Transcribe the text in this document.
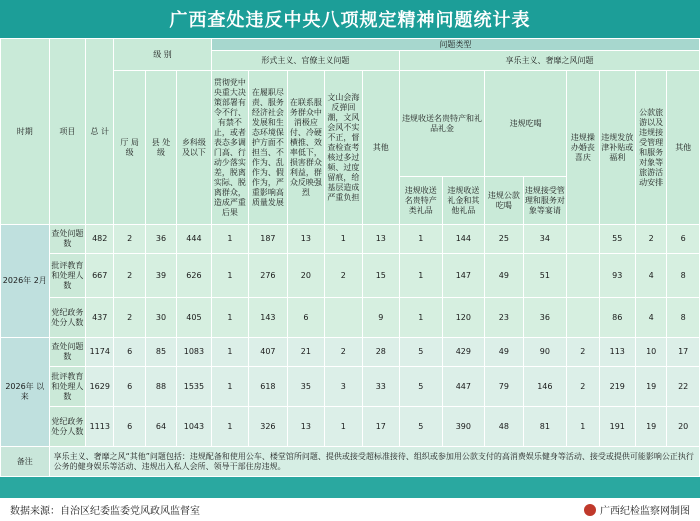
广西查处违反中央八项规定精神问题统计表
时期	项目	总 计	级 别			问题类型												
						形式主义、官僚主义问题					享乐主义、奢靡之风问题							
			厅 局 级	县 处 级	乡科级 及以下	贯彻党中央重大决策部署有令不行、有禁不止，或者表态多调门高、行动少落实差，脱离实际、脱离群众，造成严重后果	在履职尽责、服务经济社会发展和生态环境保护方面不担当、不作为、乱作为、假作为，严重影响高质量发展	在联系服务群众中消极应付、冷硬横推、效率低下，损害群众利益，群众反映强烈	文山会海反弹回潮，文风会风不实不正，督查检查考核过多过频、过度留痕，给基层造成严重负担	其他	违规收送名贵特产和礼品礼金		违规吃喝		违规操办婚丧喜庆	违规发放津补贴或福利	公款旅游以及违规接受管理和服务对象等旅游活动安排	其他
											违规收送名贵特产类礼品	违规收送礼金和其他礼品	违规公款吃喝	违规接受管理和服务对象等宴请				
2026年 2月	查处问题数	482	2	36	444	1	187	13	1	13	1	144	25	34		55	2	6
	批评教育和处理人数	667	2	39	626	1	276	20	2	15	1	147	49	51		93	4	8
	党纪政务处分人数	437	2	30	405	1	143	6		9	1	120	23	36		86	4	8
2026年 以来	查处问题数	1174	6	85	1083	1	407	21	2	28	5	429	49	90	2	113	10	17
	批评教育和处理人数	1629	6	88	1535	1	618	35	3	33	5	447	79	146	2	219	19	22
	党纪政务处分人数	1113	6	64	1043	1	326	13	1	17	5	390	48	81	1	191	19	20
备注	享乐主义、奢靡之风“其他”问题包括：违规配备和使用公车、楼堂馆所问题、提供或接受超标准接待、组织或参加用公款支付的高消费娱乐健身等活动、接受或提供可能影响公正执行公务的健身娱乐等活动、违规出入私人会所、领导干部住房违规。																	
数据来源：自治区纪委监委党风政风监督室	广西纪检监察网制图
